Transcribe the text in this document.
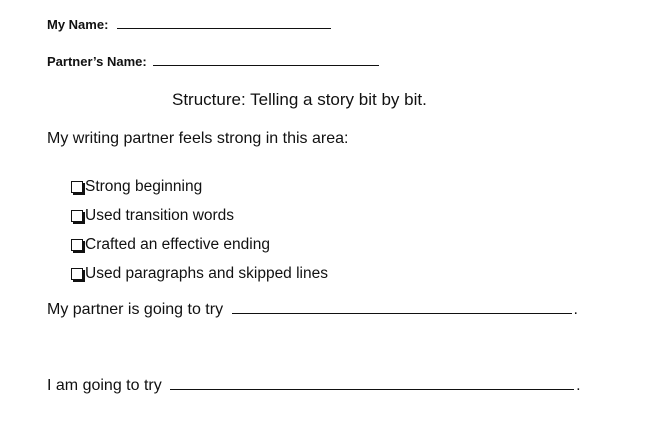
My Name:
Partner’s Name:
Structure: Telling a story bit by bit.
My writing partner feels strong in this area:
Strong beginning
Used transition words
Crafted an effective ending
Used paragraphs and skipped lines
My partner is going to try	.
I am going to try	.
